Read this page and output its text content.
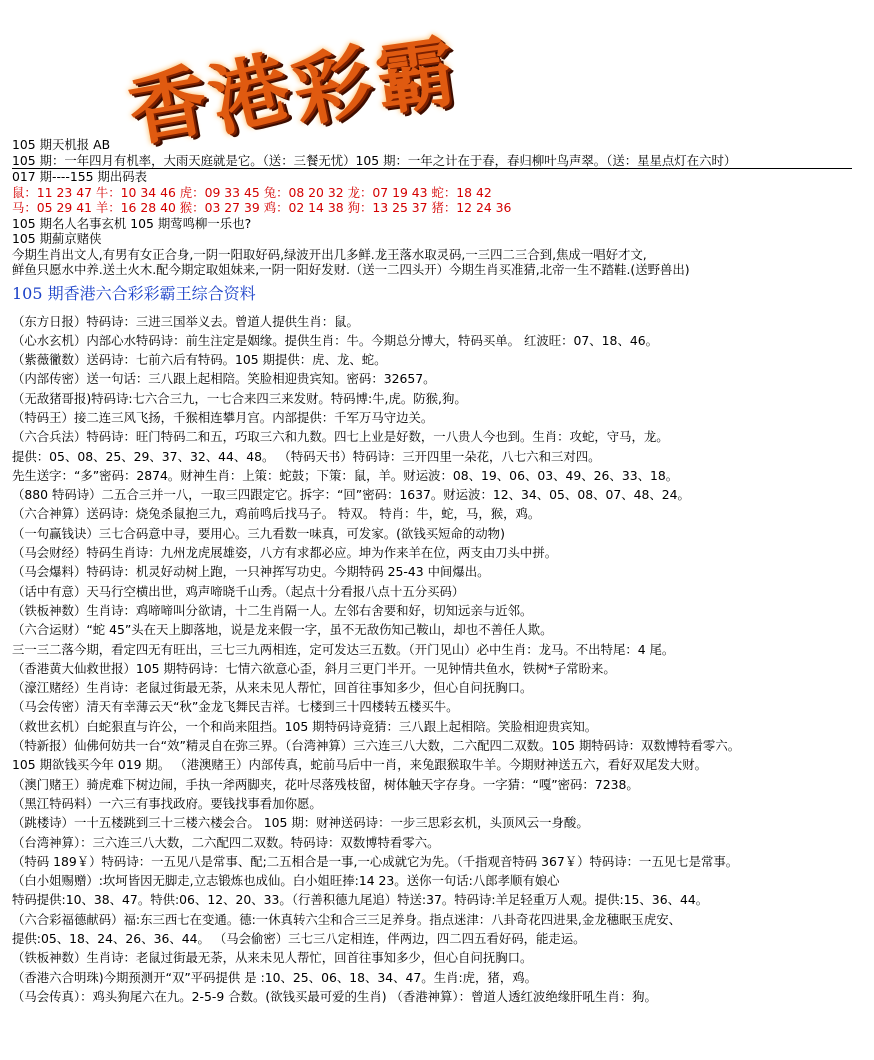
香
港
彩
霸
105 期天机报 AB
105 期：一年四月有机率，大雨天庭就是它。（送：三餐无忧）105 期：一年之计在于春，春归柳叶鸟声翠。（送：星星点灯在六时）
017 期----155 期出码表
鼠：11 23 47 牛：10 34 46 虎：09 33 45 兔：08 20 32 龙：07 19 43 蛇：18 42
马：05 29 41 羊：16 28 40 猴：03 27 39 鸡：02 14 38 狗：13 25 37 猪：12 24 36
105 期名人名事玄机 105 期莺鸣柳一乐也?
105 期薊京赌侠
今期生肖出文人,有男有女正合身,一阴一阳取好码,绿波开出几多鲜.龙王落水取灵码,一三四二三合到,焦成一唱好才文,
鲜鱼只愿水中养.送土火木.配今期定取姐妹来,一阴一阳好发财.（送一二四头开）今期生肖买准猜,北帝一生不踏鞋.(送野兽出)
105 期香港六合彩彩霸王综合资料
（东方日报）特码诗：三进三国举义去。曾道人提供生肖：鼠。
（心水玄机）内部心水特码诗：前生注定是姻缘。提供生肖：牛。今期总分博大，特码买单。 红波旺：07、18、46。
（紫薇徶数）送码诗：七前六后有特码。105 期提供：虎、龙、蛇。
（内部传密）送一句话：三八跟上起相陪。笑脸相迎贵宾知。密码：32657。
（无敌猪哥报)特码诗:七六合三九，一七合来四三来发财。特码博:牛,虎。防猴,狗。
（特码王）接二连三风飞扬，千猴相连攀月宫。内部提供：千军万马守边关。
（六合兵法）特码诗：旺门特码二和五，巧取三六和九数。四七上业是好数，一八贵人今也到。生肖：攻蛇，守马，龙。
提供：05、08、25、29、37、32、44、48。 （特码天书）特码诗：三开四里一朵花，八七六和三对四。
先生送字：“多”密码：2874。财神生肖：上策：蛇鼓；下策：鼠，羊。财运波：08、19、06、03、49、26、33、18。
（880 特码诗）二五合三并一八，一取三四跟定它。拆字：“回”密码：1637。财运波：12、34、05、08、07、48、24。
（六合神算）送码诗：烧兔杀鼠抱三九，鸡前鸣后找马子。 特双。 特肖：牛，蛇，马，猴，鸡。
（一句赢钱诀）三七合码意中寻，要用心。三九看数一味真，可发家。(欲钱买短命的动物)
（马会财经）特码生肖诗：九州龙虎展雄姿，八方有求都必应。坤为作来羊在位，两支由刀头中拼。
（马会爆料）特码诗：机灵好动树上跑，一只神挥写功史。今期特码 25-43 中间爆出。
（话中有意）天马行空横出世，鸡声啼晓千山秀。（起点十分看报八点十五分买码）
（铁板神数）生肖诗：鸡啼啼叫分欲请，十二生肖隔一人。左邻右舍要和好，切知远亲与近邻。
（六合运财）“蛇 45”头在天上脚落地，说是龙来假一字，虽不无敌伤知己鞍山，却也不善任人欺。
三一三二落今期，看定四无有旺出，三七三九两相连，定可发达三五数。（开门见山）必中生肖：龙马。不出特尾：4 尾。
（香港黄大仙救世报）105 期特码诗：七情六欲意心歪，斜月三更门半开。一见钟情共鱼水，铁树*子常盼来。
（濠江赌经）生肖诗：老鼠过街最无荼，从来未见人帮忙，回首往事知多少，但心自问抚胸口。
（马会传密）清天有幸薄云天“秋”金龙飞舞民吉祥。七楼到三十四楼转五楼买牛。
（救世玄机）白蛇狠直与许公，一个和尚来阻挡。105 期特码诗竟猜：三八跟上起相陪。笑脸相迎贵宾知。
（特新报）仙佛何妨共一台“效”精灵自在弥三界。（台湾神算）三六连三八大数，二六配四二双数。105 期特码诗：双数博特看零六。
105 期欲钱买今年 019 期。 （港澳赌王）内部传真，蛇前马后中一肖，来兔跟猴取牛羊。今期财神送五六，看好双尾发大财。
（澳门赌王）骑虎难下树边闹，手执一斧两脚夹，花叶尽落残枝留，树体触天字存身。一字猜：“嘎”密码：7238。
（黑江特码料）一六三有事找政府。要钱找事看加你愿。
（跳楼诗）一十五楼跳到三十三楼六楼会合。 105 期：财神送码诗：一步三思彩玄机，头顶风云一身酸。
（台湾神算）：三六连三八大数，二六配四二双数。特码诗：双数博特看零六。
（特码 189￥）特码诗：一五见八是常事、配;二五相合是一事,一心成就它为先。（千指观音特码 367￥）特码诗：一五见七是常事。
（白小姐赐赠）:坎坷皆因无脚走,立志锻炼也成仙。白小姐旺捧:14 23。送你一句话:八郎孝顺有娘心
特码提供:10、38、47。特供:06、12、20、33。（行善积德九尾追）特送:37。特码诗:羊足轻重万人观。提供:15、36、44。
（六合彩福德献码）福:东三西七在变通。德:一休真转六尘和合三三足养身。指点迷津：八卦奇花四进果,金龙穗眠玉虎安、
提供:05、18、24、26、36、44。 （马会偷密）三七三八定相连，伴两边，四二四五看好码，能走运。
（铁板神数）生肖诗：老鼠过街最无荼，从来未见人帮忙，回首往事知多少，但心自问抚胸口。
（香港六合明珠)今期预测开“双”平码提供 是 :10、25、06、18、34、47。生肖:虎，猪，鸡。
（马会传真）：鸡头狗尾六在九。2-5-9 合数。(欲钱买最可爱的生肖) （香港神算）：曾道人透红波绝缘肝吼生肖：狗。
